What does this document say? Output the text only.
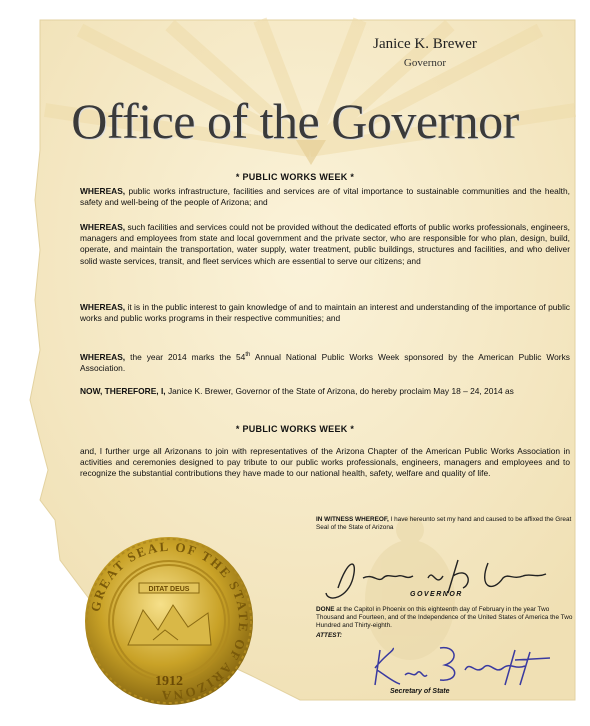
Janice K. Brewer
Governor
Office of the Governor
* PUBLIC WORKS WEEK *
WHEREAS, public works infrastructure, facilities and services are of vital importance to sustainable communities and the health, safety and well-being of the people of Arizona; and
WHEREAS, such facilities and services could not be provided without the dedicated efforts of public works professionals, engineers, managers and employees from state and local government and the private sector, who are responsible for who plan, design, build, operate, and maintain the transportation, water supply, water treatment, public buildings, structures and facilities, and who deliver solid waste services, transit, and fleet services which are essential to serve our citizens; and
WHEREAS, it is in the public interest to gain knowledge of and to maintain an interest and understanding of the importance of public works and public works programs in their respective communities; and
WHEREAS, the year 2014 marks the 54th Annual National Public Works Week sponsored by the American Public Works Association.
NOW, THEREFORE, I, Janice K. Brewer, Governor of the State of Arizona, do hereby proclaim May 18 – 24, 2014 as
* PUBLIC WORKS WEEK *
and, I further urge all Arizonans to join with representatives of the Arizona Chapter of the American Public Works Association in activities and ceremonies designed to pay tribute to our public works professionals, engineers, managers and employees and to recognize the substantial contributions they have made to our national health, safety, welfare and quality of life.
IN WITNESS WHEREOF, I have hereunto set my hand and caused to be affixed the Great Seal of the State of Arizona
GOVERNOR
DONE at the Capitol in Phoenix on this eighteenth day of February in the year Two Thousand and Fourteen, and of the Independence of the United States of America the Two Hundred and Thirty-eighth.
ATTEST:
Secretary of State
GREAT SEAL OF THE STATE OF ARIZONA
DITAT DEUS
1912
